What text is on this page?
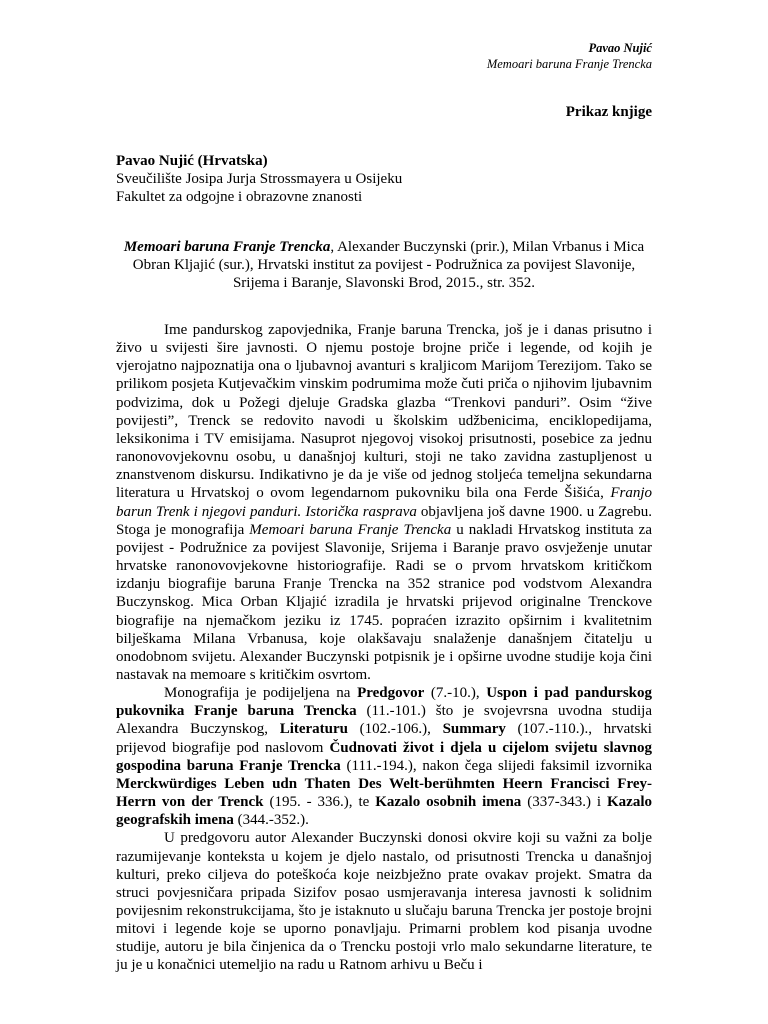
Pavao Nujić
Memoari baruna Franje Trencka
Prikaz knjige
Pavao Nujić (Hrvatska)
Sveučilište Josipa Jurja Strossmayera u Osijeku
Fakultet za odgojne i obrazovne znanosti
Memoari baruna Franje Trencka, Alexander Buczynski (prir.), Milan Vrbanus i Mica Obran Kljajić (sur.), Hrvatski institut za povijest - Podružnica za povijest Slavonije, Srijema i Baranje, Slavonski Brod, 2015., str. 352.

Ime pandurskog zapovjednika, Franje baruna Trencka, još je i danas prisutno i živo u svijesti šire javnosti. O njemu postoje brojne priče i legende, od kojih je vjerojatno najpoznatija ona o ljubavnoj avanturi s kraljicom Marijom Terezijom. Tako se prilikom posjeta Kutjevačkim vinskim podrumima može čuti priča o njihovim ljubavnim podvizima, dok u Požegi djeluje Gradska glazba “Trenkovi panduri”. Osim “žive povijesti”, Trenck se redovito navodi u školskim udžbenicima, enciklopedijama, leksikonima i TV emisijama. Nasuprot njegovoj visokoj prisutnosti, posebice za jednu ranonovovjekovnu osobu, u današnjoj kulturi, stoji ne tako zavidna zastupljenost u znanstvenom diskursu. Indikativno je da je više od jednog stoljeća temeljna sekundarna literatura u Hrvatskoj o ovom legendarnom pukovniku bila ona Ferde Šišića, Franjo barun Trenk i njegovi panduri. Istorička rasprava objavljena još davne 1900. u Zagrebu. Stoga je monografija Memoari baruna Franje Trencka u nakladi Hrvatskog instituta za povijest - Podružnice za povijest Slavonije, Srijema i Baranje pravo osvježenje unutar hrvatske ranonovovjekovne historiografije. Radi se o prvom hrvatskom kritičkom izdanju biografije baruna Franje Trencka na 352 stranice pod vodstvom Alexandra Buczynskog. Mica Orban Kljajić izradila je hrvatski prijevod originalne Trenckove biografije na njemačkom jeziku iz 1745. popraćen izrazito opširnim i kvalitetnim bilješkama Milana Vrbanusa, koje olakšavaju snalaženje današnjem čitatelju u onodobnom svijetu. Alexander Buczynski potpisnik je i opširne uvodne studije koja čini nastavak na memoare s kritičkim osvrtom.

Monografija je podijeljena na Predgovor (7.-10.), Uspon i pad pandurskog pukovnika Franje baruna Trencka (11.-101.) što je svojevrsna uvodna studija Alexandra Buczynskog, Literaturu (102.-106.), Summary (107.-110.)., hrvatski prijevod biografije pod naslovom Čudnovati život i djela u cijelom svijetu slavnog gospodina baruna Franje Trencka (111.-194.), nakon čega slijedi faksimil izvornika Merckwürdiges Leben udn Thaten Des Welt-berühmten Heern Francisci Frey-Herrn von der Trenck (195. - 336.), te Kazalo osobnih imena (337-343.) i Kazalo geografskih imena (344.-352.).

U predgovoru autor Alexander Buczynski donosi okvire koji su važni za bolje razumijevanje konteksta u kojem je djelo nastalo, od prisutnosti Trencka u današnjoj kulturi, preko ciljeva do poteškoća koje neizbježno prate ovakav projekt. Smatra da struci povjesničara pripada Sizifov posao usmjeravanja interesa javnosti k solidnim povijesnim rekonstrukcijama, što je istaknuto u slučaju baruna Trencka jer postoje brojni mitovi i legende koje se uporno ponavljaju. Primarni problem kod pisanja uvodne studije, autoru je bila činjenica da o Trencku postoji vrlo malo sekundarne literature, te ju je u konačnici utemeljio na radu u Ratnom arhivu u Beču i
